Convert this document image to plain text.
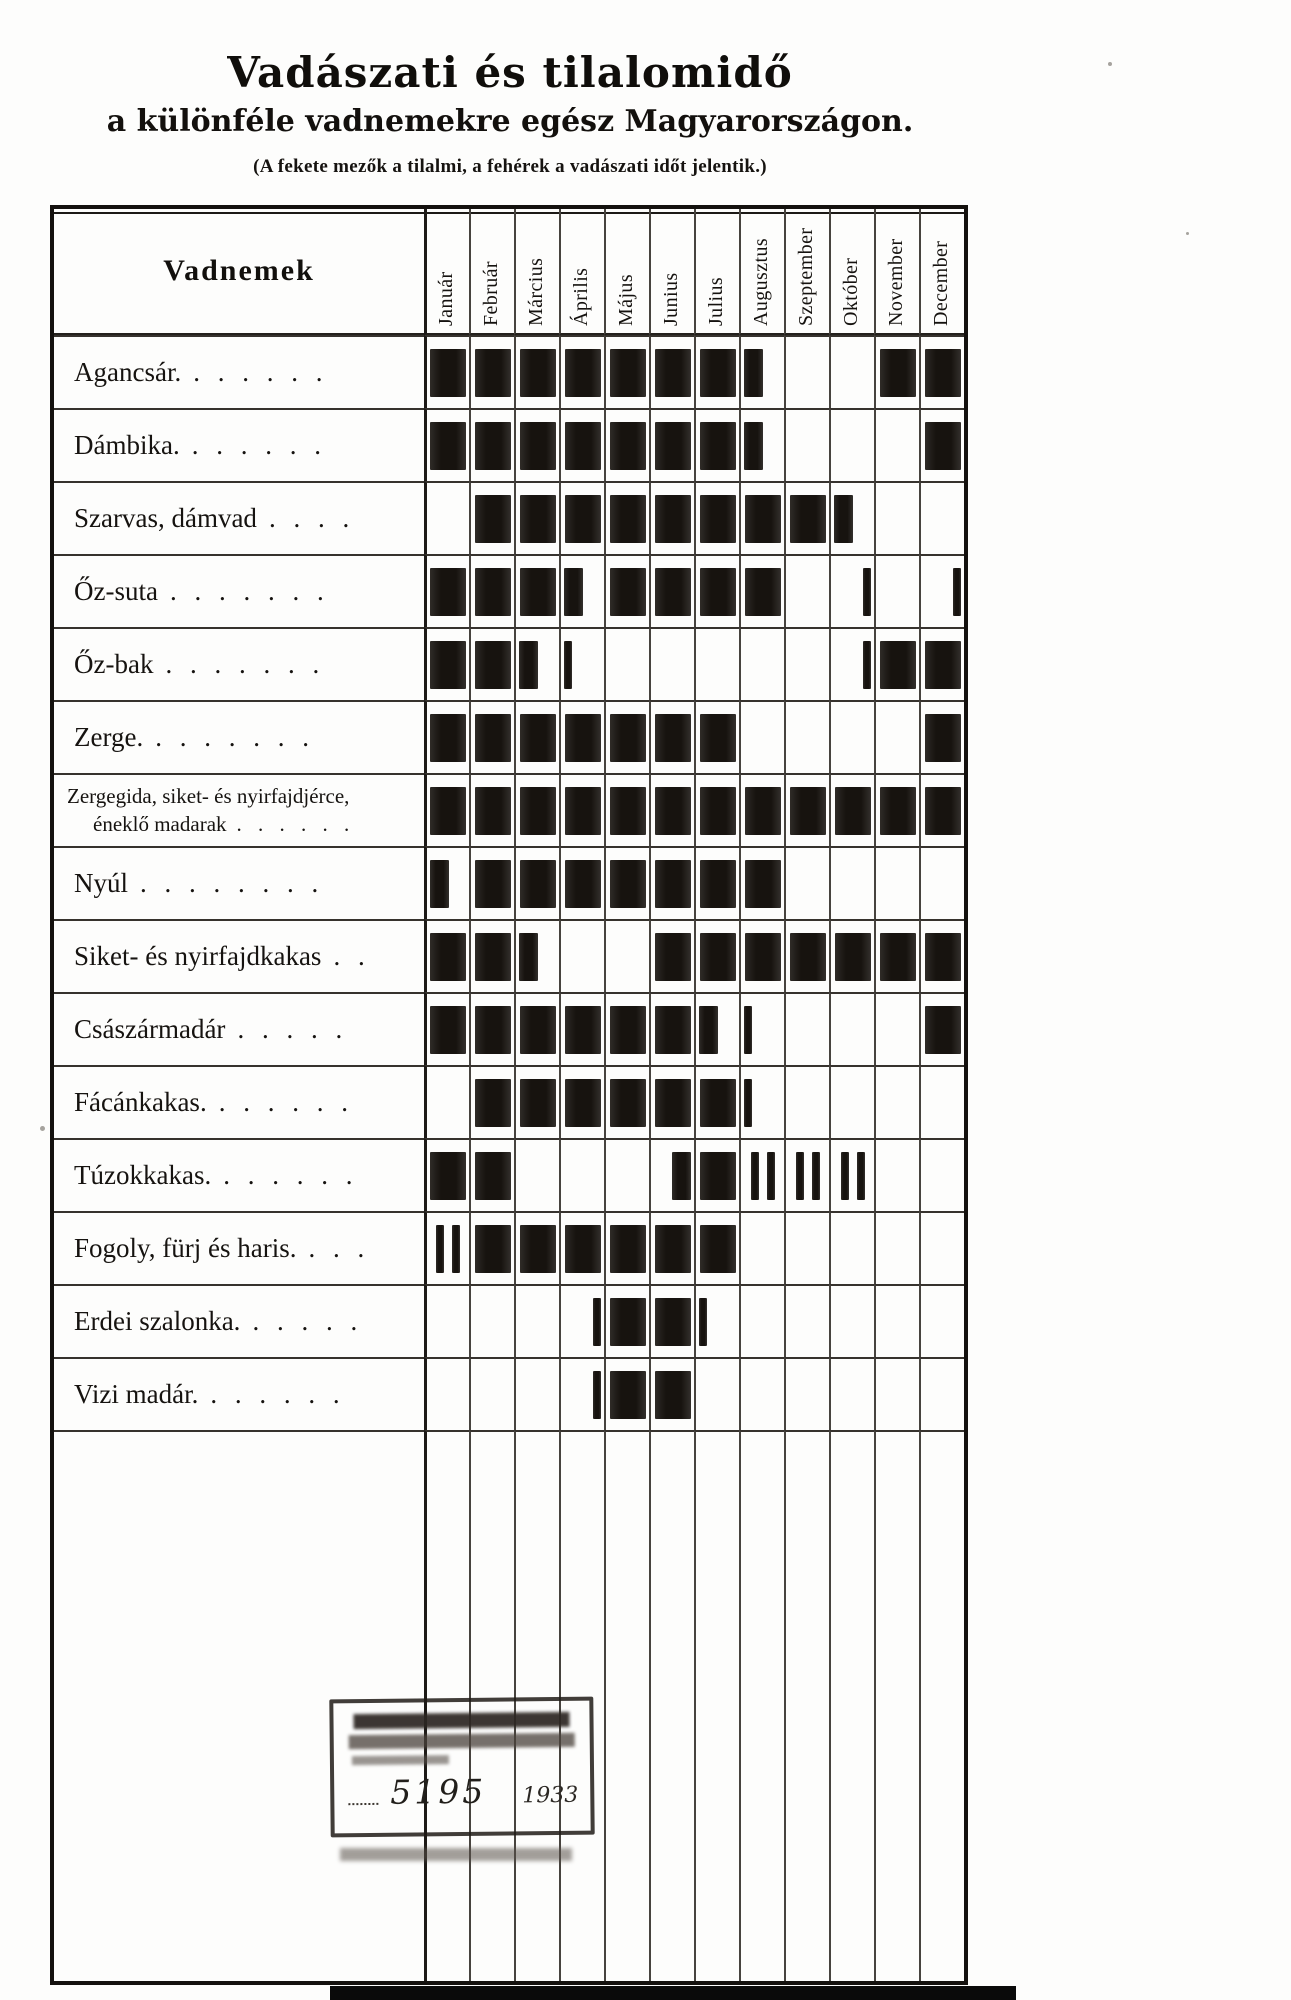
Vadászati és tilalomidő
a különféle vadnemekre egész Magyarországon.
(A fekete mezők a tilalmi, a fehérek a vadászati időt jelentik.)
Vadnemek
Január Február Március Április Május Junius Julius Augusztus Szeptember Október November December
Agancsár. . . . . . .
Dámbika. . . . . . .
Szarvas, dámvad . . . .
Őz-suta . . . . . . .
Őz-bak . . . . . . .
Zerge. . . . . . . .
Zergegida, siket- és nyirfajdjérce,
éneklő madarak . . . . . .
Nyúl . . . . . . . .
Siket- és nyirfajdkakas . .
Császármadár . . . . .
Fácánkakas. . . . . . .
Túzokkakas. . . . . . .
Fogoly, fürj és haris. . . .
Erdei szalonka. . . . . .
Vizi madár. . . . . . .
5195 1933
